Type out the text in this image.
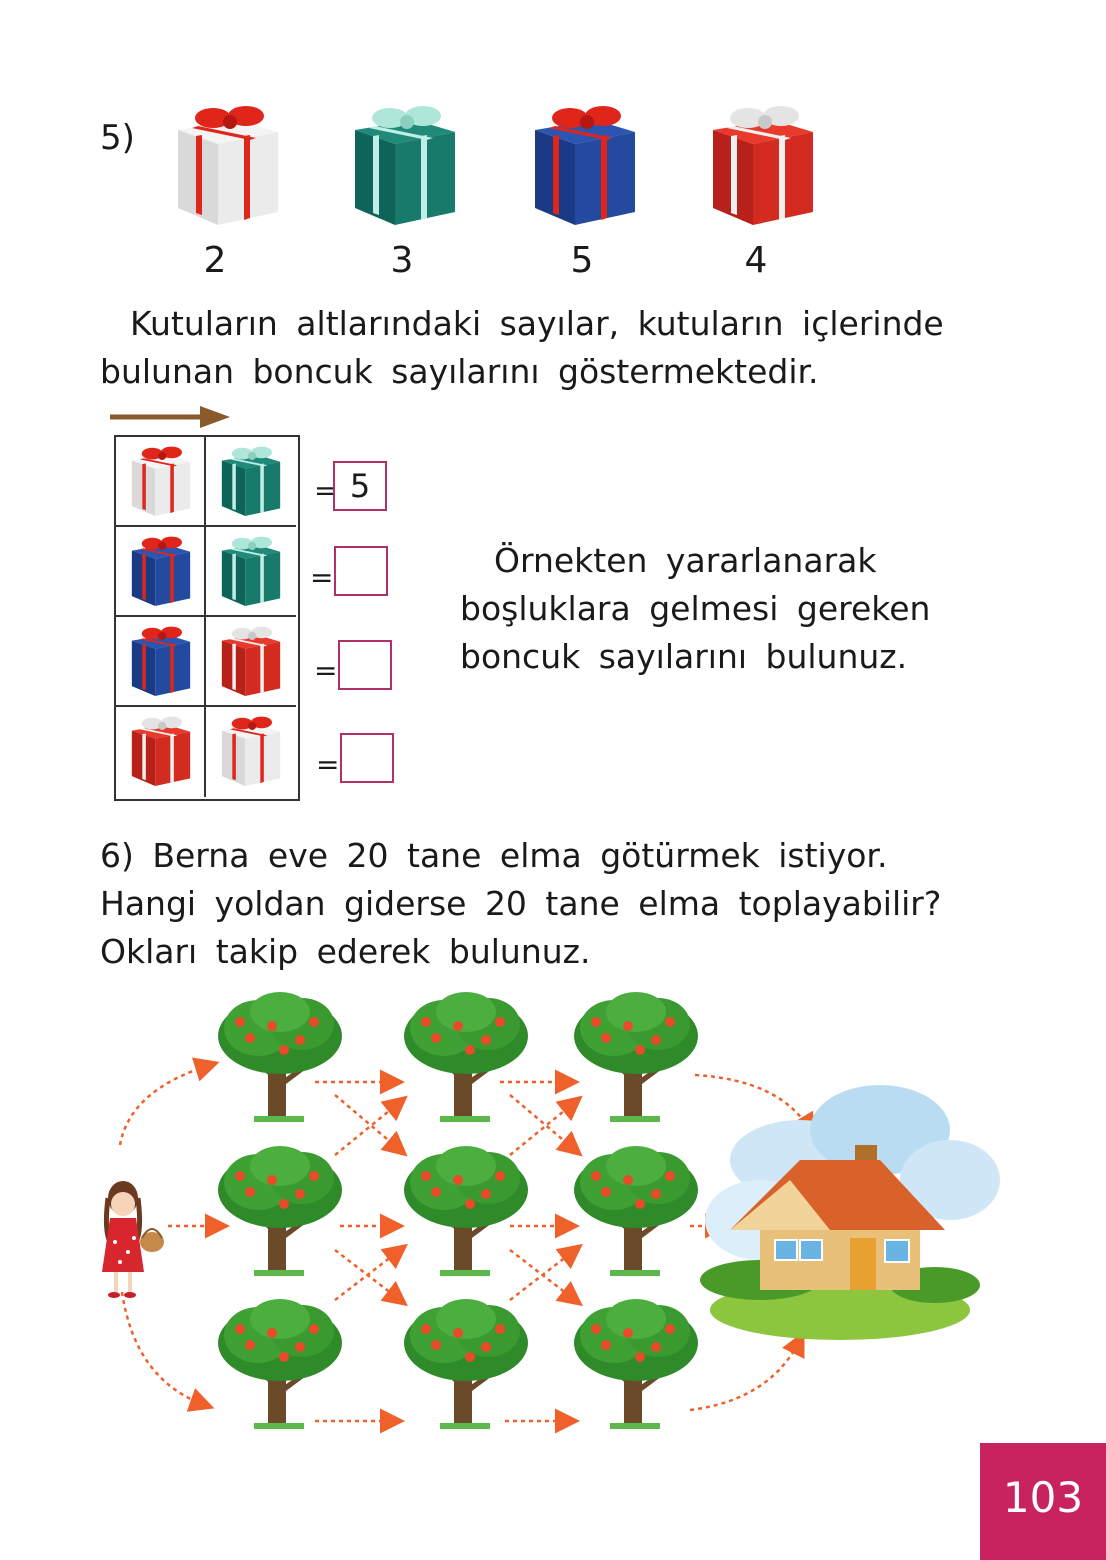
5)
2	3	5	4
Kutuların altlarındaki sayılar, kutuların içlerinde
bulunan boncuk sayılarını göstermektedir.
= 5
=
=
=
Örnekten yararlanarak
boşluklara gelmesi gereken
boncuk sayılarını bulunuz.
6) Berna eve 20 tane elma götürmek istiyor.
Hangi yoldan giderse 20 tane elma toplayabilir?
Okları takip ederek bulunuz.
103
